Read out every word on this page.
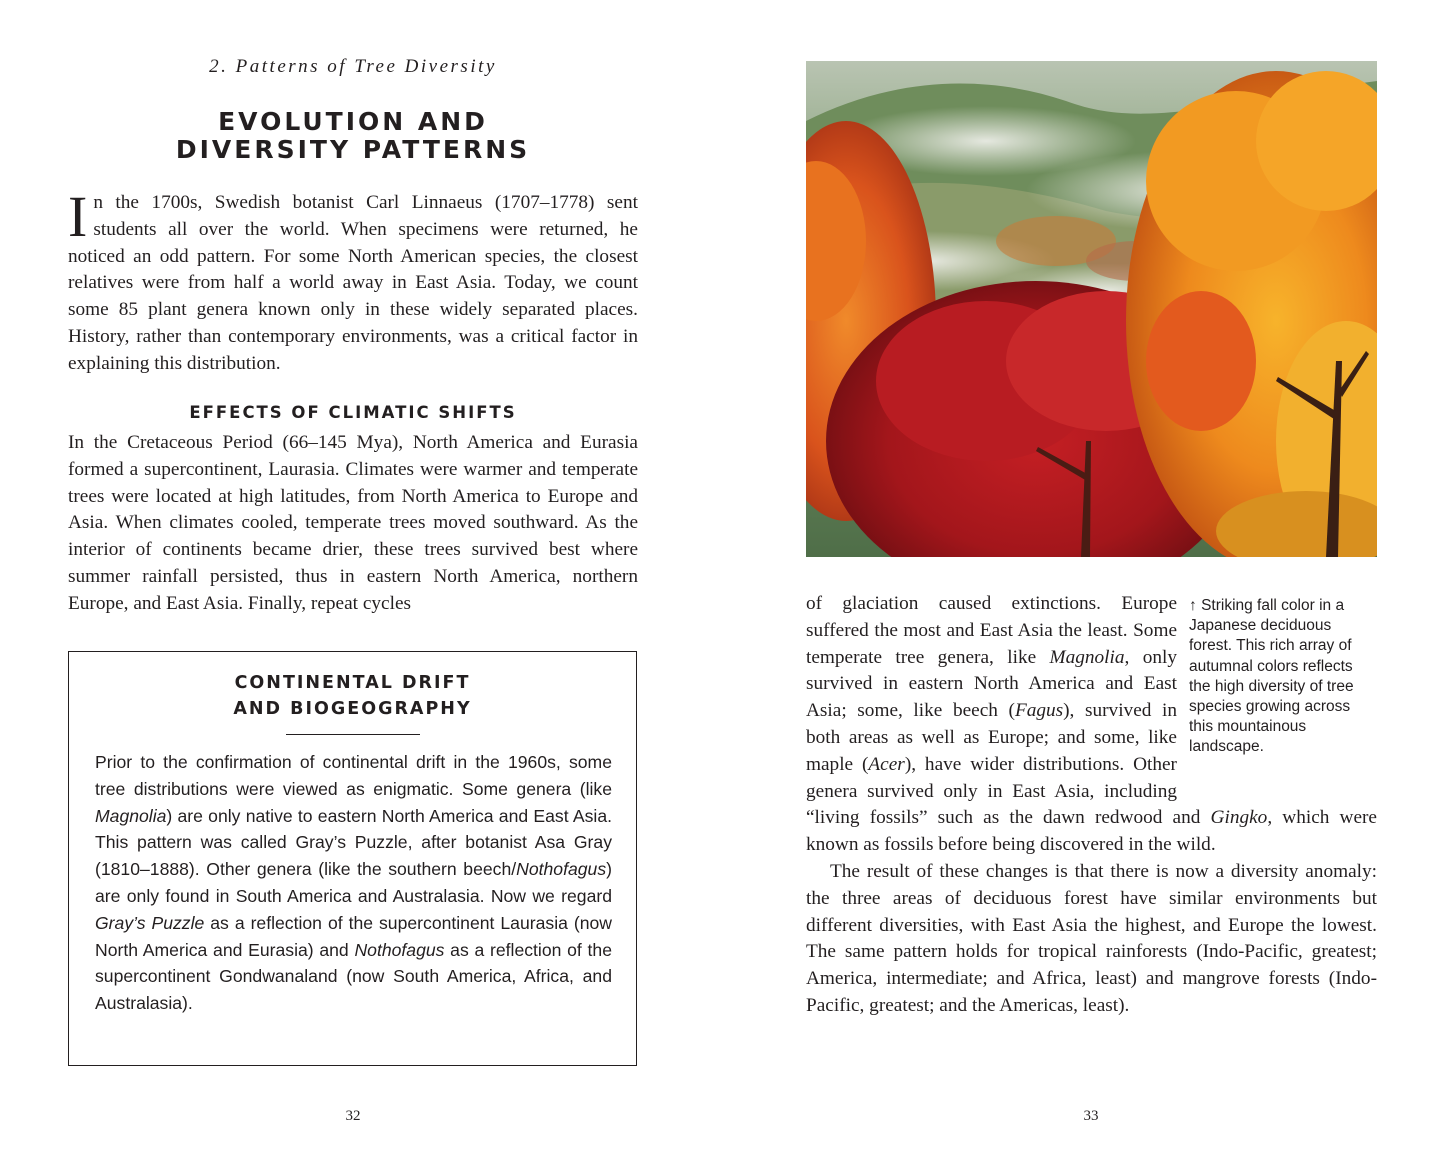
2. Patterns of Tree Diversity
EVOLUTION AND
DIVERSITY PATTERNS

In the 1700s, Swedish botanist Carl Linnaeus (1707–1778) sent students all over the world. When specimens were returned, he noticed an odd pattern. For some North American species, the closest relatives were from half a world away in East Asia. Today, we count some 85 plant genera known only in these widely separated places. History, rather than contemporary environments, was a critical factor in explaining this distribution.

EFFECTS OF CLIMATIC SHIFTS

In the Cretaceous Period (66–145 Mya), North America and Eurasia formed a supercontinent, Laurasia. Climates were warmer and temperate trees were located at high latitudes, from North America to Europe and Asia. When climates cooled, temperate trees moved southward. As the interior of continents became drier, these trees survived best where summer rainfall persisted, thus in eastern North America, northern Europe, and East Asia. Finally, repeat cycles

CONTINENTAL DRIFT
AND BIOGEOGRAPHY

Prior to the confirmation of continental drift in the 1960s, some tree distributions were viewed as enigmatic. Some genera (like Magnolia) are only native to eastern North America and East Asia. This pattern was called Gray’s Puzzle, after botanist Asa Gray (1810–1888). Other genera (like the southern beech/Nothofagus) are only found in South America and Australasia. Now we regard Gray’s Puzzle as a reflection of the supercontinent Laurasia (now North America and Eurasia) and Nothofagus as a reflection of the supercontinent Gondwanaland (now South America, Africa, and Australasia).

32
↑ Striking fall color in a Japanese deciduous forest. This rich array of autumnal colors reflects the high diversity of tree species growing across this mountainous landscape.

of glaciation caused extinctions. Europe suffered the most and East Asia the least. Some temperate tree genera, like Magnolia, only survived in eastern North America and East Asia; some, like beech (Fagus), survived in both areas as well as Europe; and some, like maple (Acer), have wider distributions. Other genera survived only in East Asia, including “living fossils” such as the dawn redwood and Gingko, which were known as fossils before being discovered in the wild.

The result of these changes is that there is now a diversity anomaly: the three areas of deciduous forest have similar environments but different diversities, with East Asia the highest, and Europe the lowest. The same pattern holds for tropical rainforests (Indo-Pacific, greatest; America, intermediate; and Africa, least) and mangrove forests (Indo-Pacific, greatest; and the Americas, least).

33
